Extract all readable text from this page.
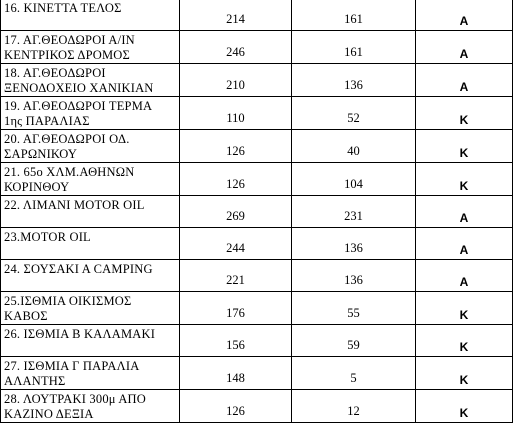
16. ΚΙΝΕΤΤΑ ΤΕΛΟΣ	214	161	Α

17. ΑΓ.ΘΕΟΔΩΡΟΙ Α/ΙΝ
ΚΕΝΤΡΙΚΟΣ ΔΡΟΜΟΣ	246	161	Α

18. ΑΓ.ΘΕΟΔΩΡΟΙ
ΞΕΝΟΔΟΧΕΙΟ ΧΑΝΙΚΙΑΝ	210	136	Α

19. ΑΓ.ΘΕΟΔΩΡΟΙ ΤΕΡΜΑ
1ης ΠΑΡΑΛΙΑΣ	110	52	Κ

20. ΑΓ.ΘΕΟΔΩΡΟΙ ΟΔ.
ΣΑΡΩΝΙΚΟΥ	126	40	Κ

21. 65ο ΧΛΜ.ΑΘΗΝΩΝ
ΚΟΡΙΝΘΟΥ	126	104	Κ

22. ΛΙΜΑΝΙ MOTOR OIL	269	231	Α

23.MOTOR OIL	244	136	Α

24. ΣΟΥΣΑΚΙ Α CAMPING	221	136	Α

25.ΙΣΘΜΙΑ ΟΙΚΙΣΜΟΣ
ΚΑΒΟΣ	176	55	Κ

26. ΙΣΘΜΙΑ Β ΚΑΛΑΜΑΚΙ	156	59	Κ

27. ΙΣΘΜΙΑ Γ ΠΑΡΑΛΙΑ
ΑΛΑΝΤΗΣ	148	5	Κ

28. ΛΟΥΤΡΑΚΙ 300μ ΑΠΟ
ΚΑΖΙΝΟ ΔΕΞΙΑ	126	12	Κ
